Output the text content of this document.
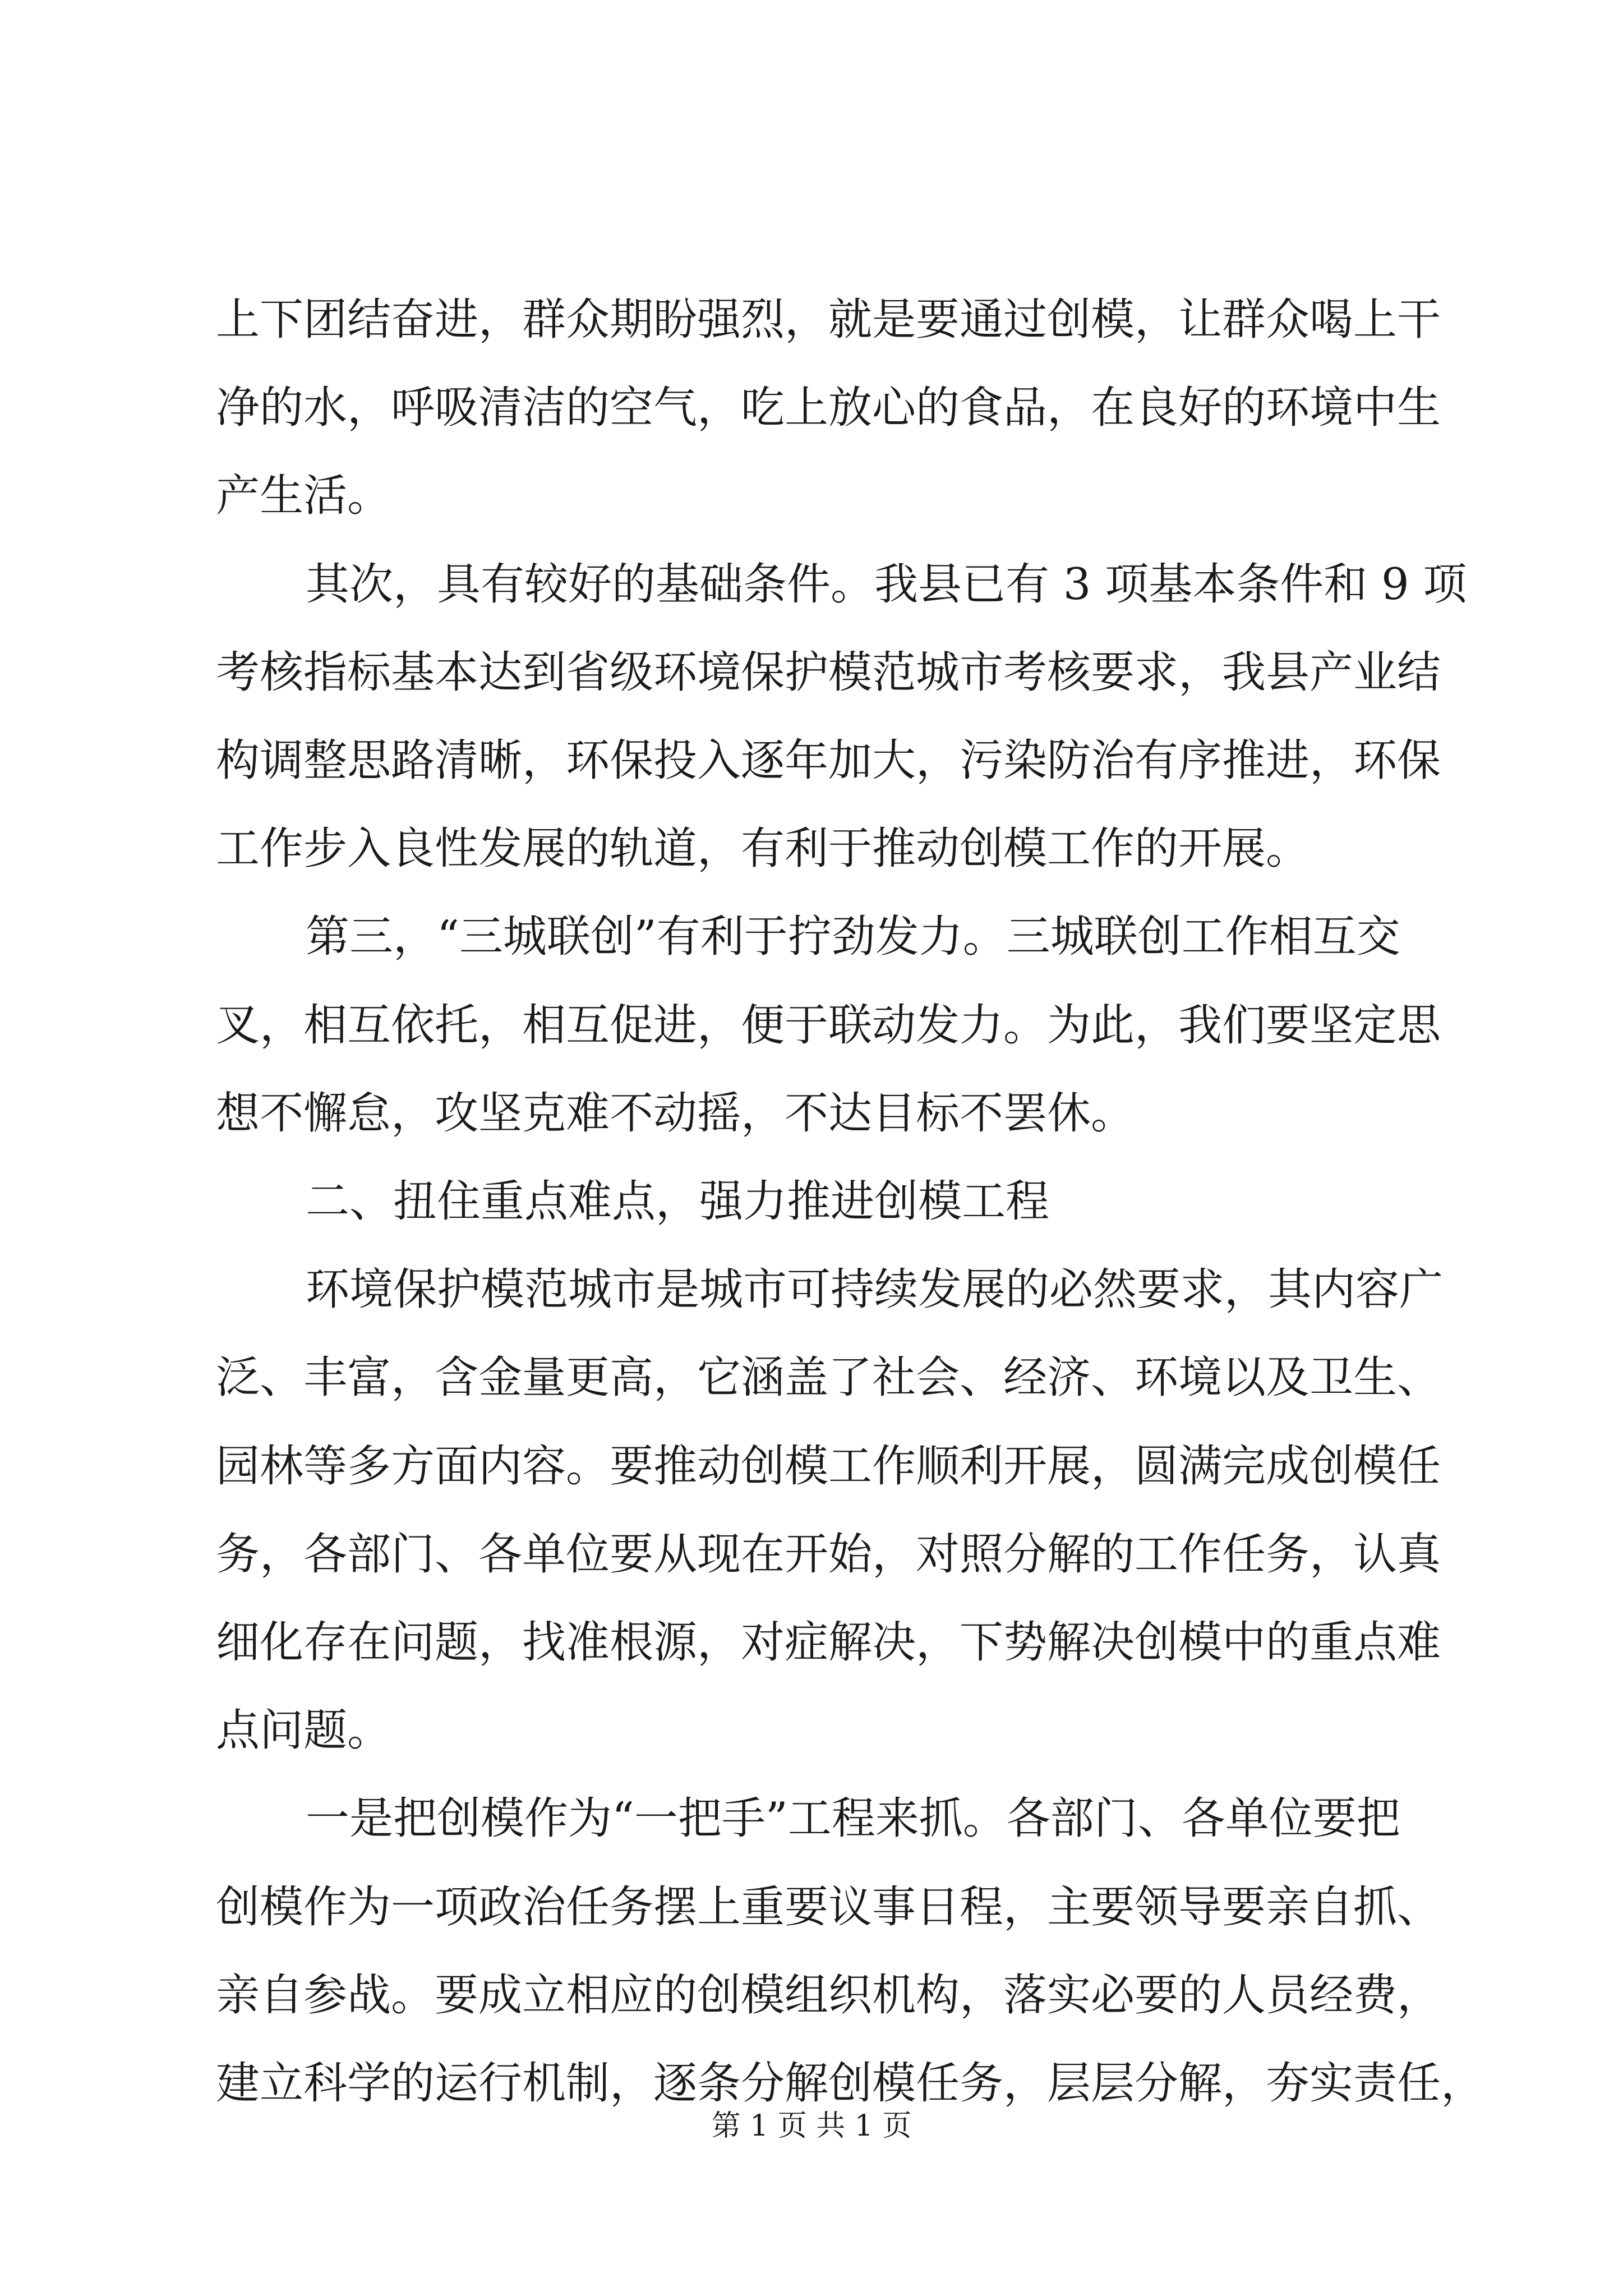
上下团结奋进，群众期盼强烈，就是要通过创模，让群众喝上干
净的水，呼吸清洁的空气，吃上放心的食品，在良好的环境中生
产生活。
其次，具有较好的基础条件。我县已有 3 项基本条件和 9 项
考核指标基本达到省级环境保护模范城市考核要求，我县产业结
构调整思路清晰，环保投入逐年加大，污染防治有序推进，环保
工作步入良性发展的轨道，有利于推动创模工作的开展。
第三，“三城联创”有利于拧劲发力。三城联创工作相互交
叉，相互依托，相互促进，便于联动发力。为此，我们要坚定思
想不懈怠，攻坚克难不动摇，不达目标不罢休。
二、扭住重点难点，强力推进创模工程
环境保护模范城市是城市可持续发展的必然要求，其内容广
泛、丰富，含金量更高，它涵盖了社会、经济、环境以及卫生、
园林等多方面内容。要推动创模工作顺利开展，圆满完成创模任
务，各部门、各单位要从现在开始，对照分解的工作任务，认真
细化存在问题，找准根源，对症解决，下势解决创模中的重点难
点问题。
一是把创模作为“一把手”工程来抓。各部门、各单位要把
创模作为一项政治任务摆上重要议事日程，主要领导要亲自抓、
亲自参战。要成立相应的创模组织机构，落实必要的人员经费，
建立科学的运行机制，逐条分解创模任务，层层分解，夯实责任，
第 1 页 共 1 页
